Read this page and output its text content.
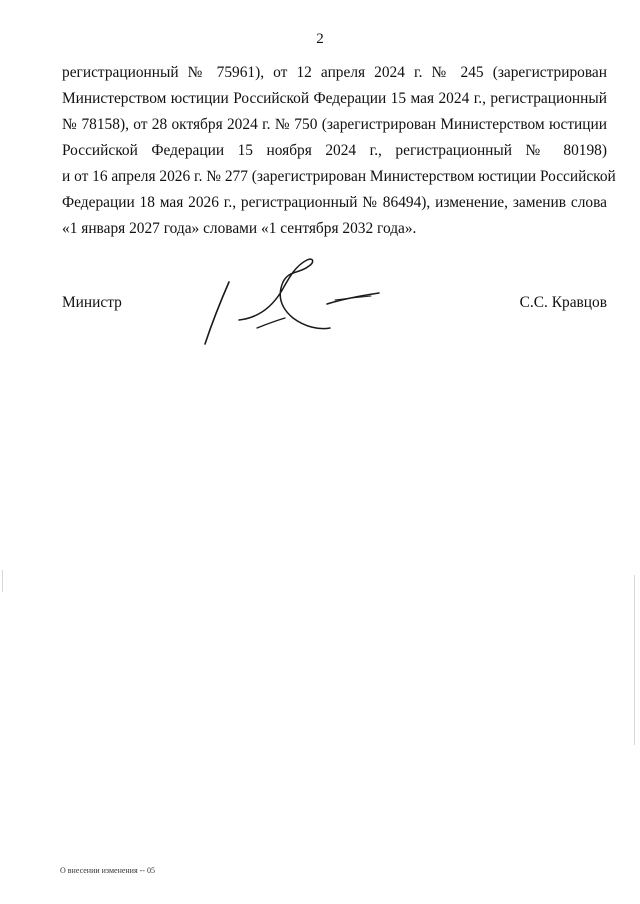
2
регистрационный № 75961), от 12 апреля 2024 г. № 245 (зарегистрирован
Министерством юстиции Российской Федерации 15 мая 2024 г., регистрационный
№ 78158), от 28 октября 2024 г. № 750 (зарегистрирован Министерством юстиции
Российской Федерации 15 ноября 2024 г., регистрационный № 80198)
и от 16 апреля 2026 г. № 277 (зарегистрирован Министерством юстиции Российской
Федерации 18 мая 2026 г., регистрационный № 86494), изменение, заменив слова
«1 января 2027 года» словами «1 сентября 2032 года».
Министр	С.С. Кравцов
О внесении изменения -- 05
